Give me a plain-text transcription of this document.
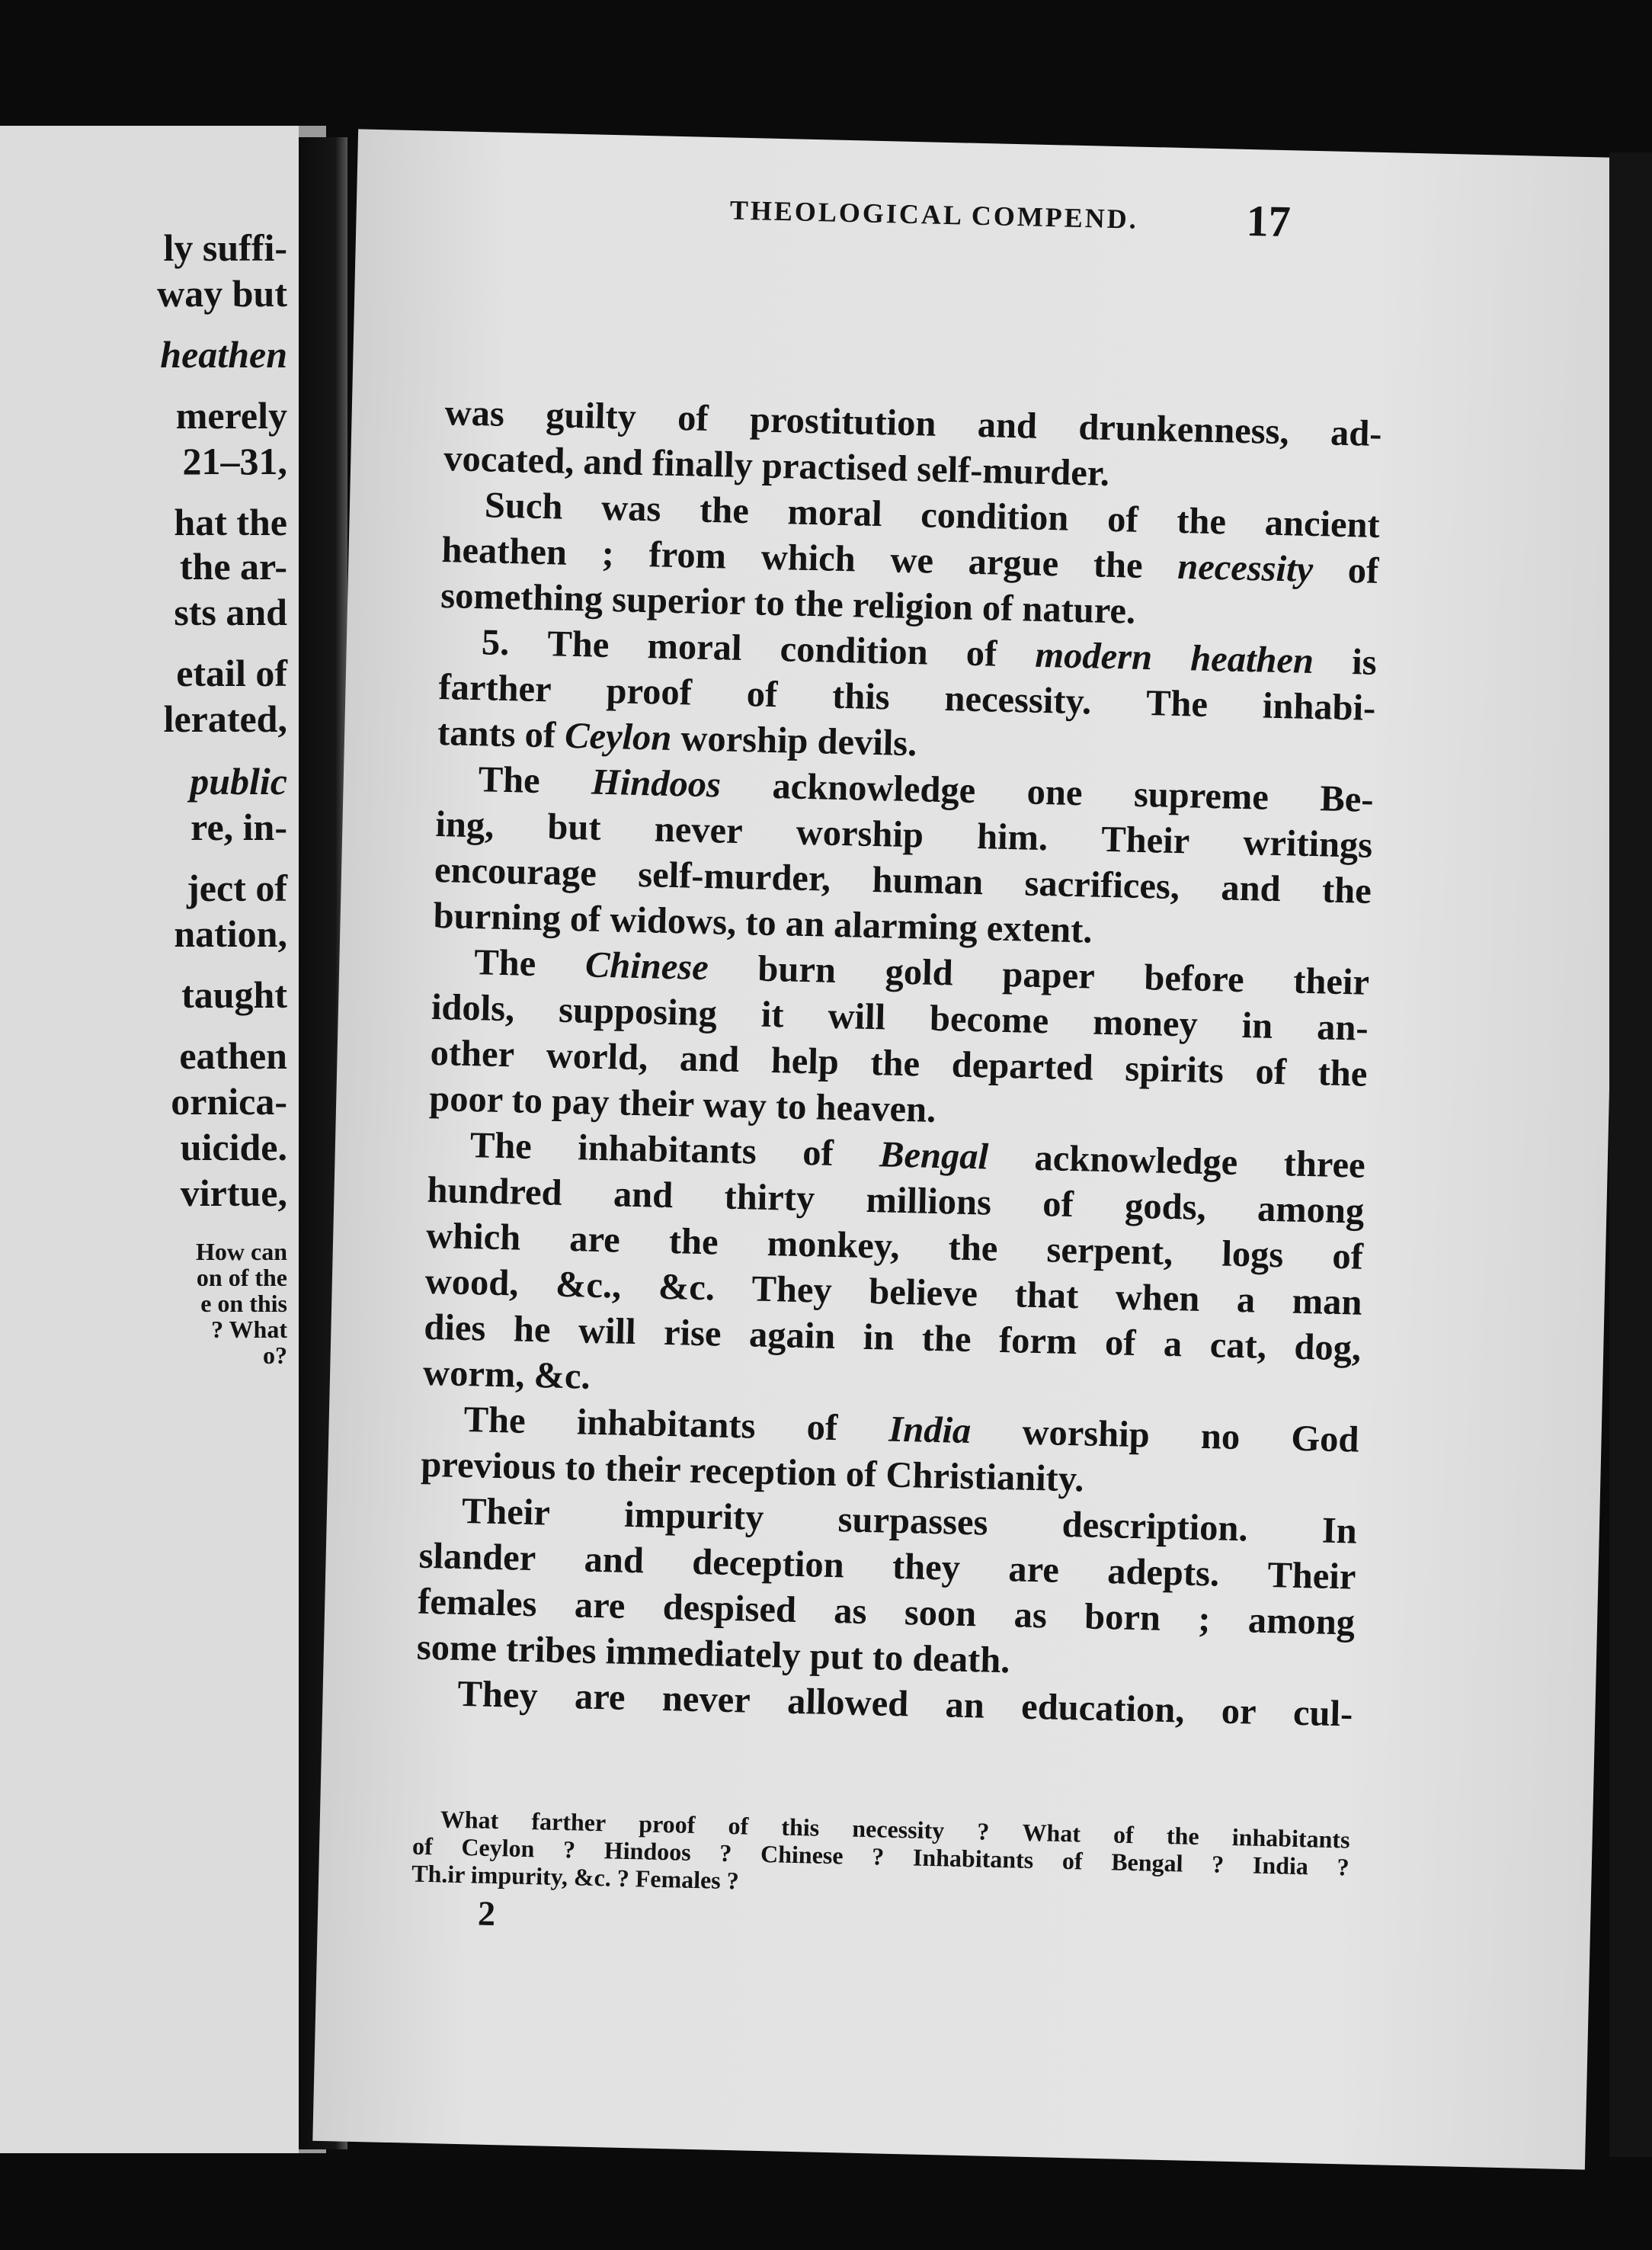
ly suffi-
way but
heathen
merely
21–31,
hat the
the ar-
sts and
etail of
lerated,
public
re, in-
ject of
nation,
taught
eathen
ornica-
uicide.
virtue,
How can
on of the
e on this
? What
o?
THEOLOGICAL COMPEND. 17
was guilty of prostitution and drunkenness, ad-
vocated, and finally practised self-murder.
Such was the moral condition of the ancient
heathen ; from which we argue the necessity of
something superior to the religion of nature.
5. The moral condition of modern heathen is
farther proof of this necessity. The inhabi-
tants of Ceylon worship devils.
The Hindoos acknowledge one supreme Be-
ing, but never worship him. Their writings
encourage self-murder, human sacrifices, and the
burning of widows, to an alarming extent.
The Chinese burn gold paper before their
idols, supposing it will become money in an-
other world, and help the departed spirits of the
poor to pay their way to heaven.
The inhabitants of Bengal acknowledge three
hundred and thirty millions of gods, among
which are the monkey, the serpent, logs of
wood, &c., &c. They believe that when a man
dies he will rise again in the form of a cat, dog,
worm, &c.
The inhabitants of India worship no God
previous to their reception of Christianity.
Their impurity surpasses description. In
slander and deception they are adepts. Their
females are despised as soon as born ; among
some tribes immediately put to death.
They are never allowed an education, or cul-
What farther proof of this necessity ? What of the inhabitants
of Ceylon ? Hindoos ? Chinese ? Inhabitants of Bengal ? India ?
Th.ir impurity, &c. ? Females ?
2
